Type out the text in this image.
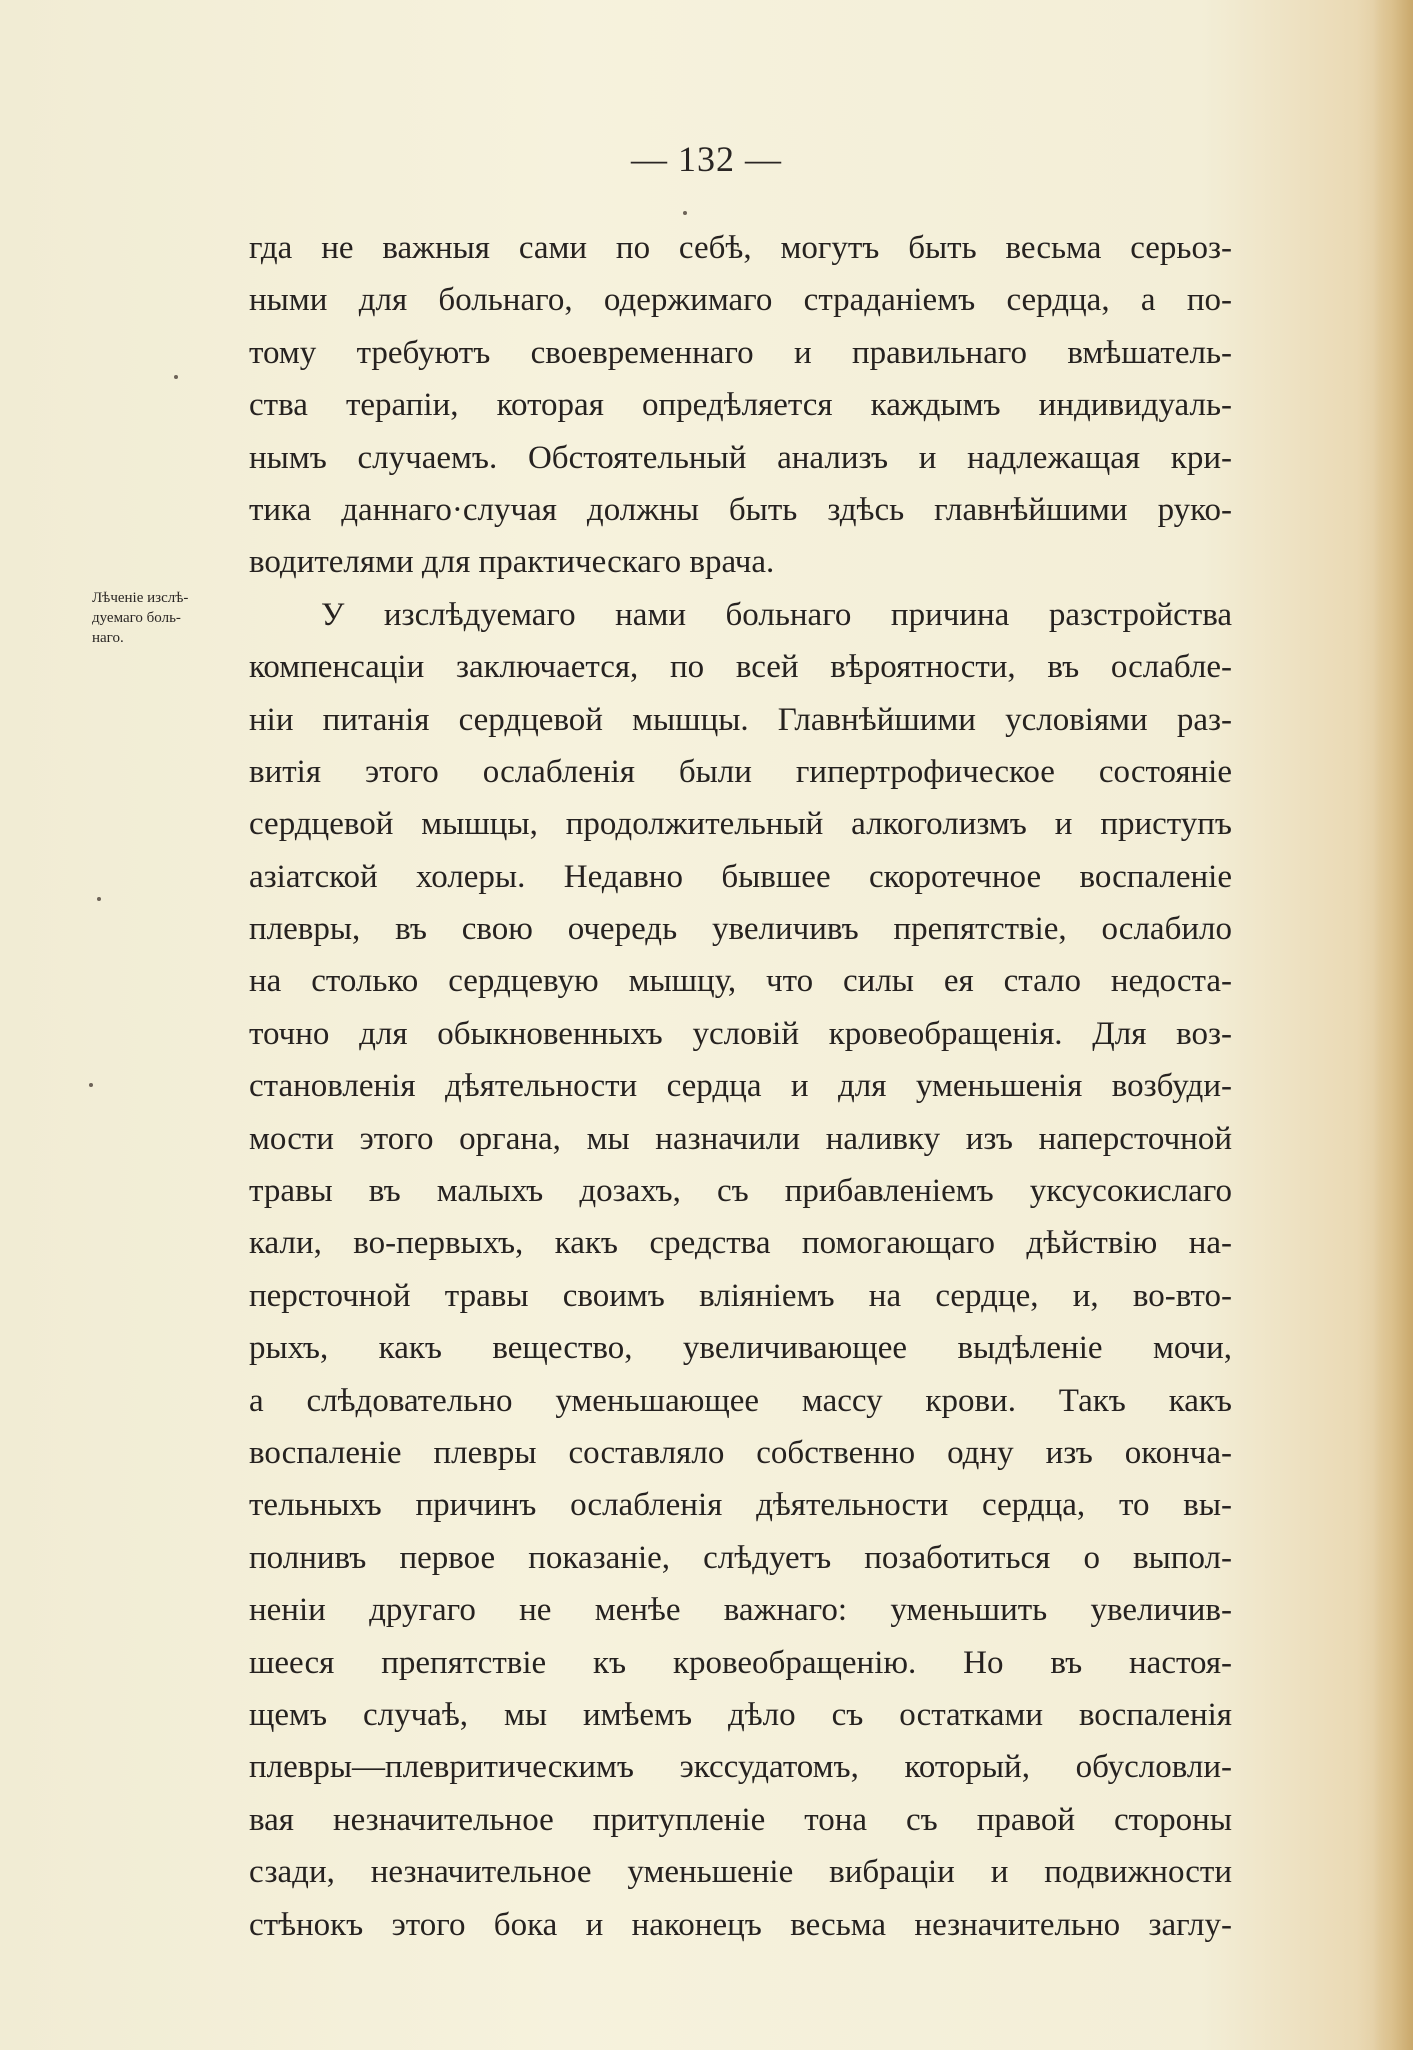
— 132 —
Лѣченіе изслѣ-
дуемаго боль-
наго.
гда не важныя сами по себѣ, могутъ быть весьма серьоз-
ными для больнаго, одержимаго страданіемъ сердца, а по-
тому требуютъ своевременнаго и правильнаго вмѣшатель-
ства терапіи, которая опредѣляется каждымъ индивидуаль-
нымъ случаемъ. Обстоятельный анализъ и надлежащая кри-
тика даннаго·случая должны быть здѣсь главнѣйшими руко-
водителями для практическаго врача.
У изслѣдуемаго нами больнаго причина разстройства
компенсаціи заключается, по всей вѣроятности, въ ослабле-
ніи питанія сердцевой мышцы. Главнѣйшими условіями раз-
витія этого ослабленія были гипертрофическое состояніе
сердцевой мышцы, продолжительный алкоголизмъ и приступъ
азіатской холеры. Недавно бывшее скоротечное воспаленіе
плевры, въ свою очередь увеличивъ препятствіе, ослабило
на столько сердцевую мышцу, что силы ея стало недоста-
точно для обыкновенныхъ условій кровеобращенія. Для воз-
становленія дѣятельности сердца и для уменьшенія возбуди-
мости этого органа, мы назначили наливку изъ наперсточной
травы въ малыхъ дозахъ, съ прибавленіемъ уксусокислаго
кали, во-первыхъ, какъ средства помогающаго дѣйствію на-
персточной травы своимъ вліяніемъ на сердце, и, во-вто-
рыхъ, какъ вещество, увеличивающее выдѣленіе мочи,
а слѣдовательно уменьшающее массу крови. Такъ какъ
воспаленіе плевры составляло собственно одну изъ оконча-
тельныхъ причинъ ослабленія дѣятельности сердца, то вы-
полнивъ первое показаніе, слѣдуетъ позаботиться о выпол-
неніи другаго не менѣе важнаго: уменьшить увеличив-
шееся препятствіе къ кровеобращенію. Но въ настоя-
щемъ случаѣ, мы имѣемъ дѣло съ остатками воспаленія
плевры—плевритическимъ экссудатомъ, который, обусловли-
вая незначительное притупленіе тона съ правой стороны
сзади, незначительное уменьшеніе вибраціи и подвижности
стѣнокъ этого бока и наконецъ весьма незначительно заглу-
